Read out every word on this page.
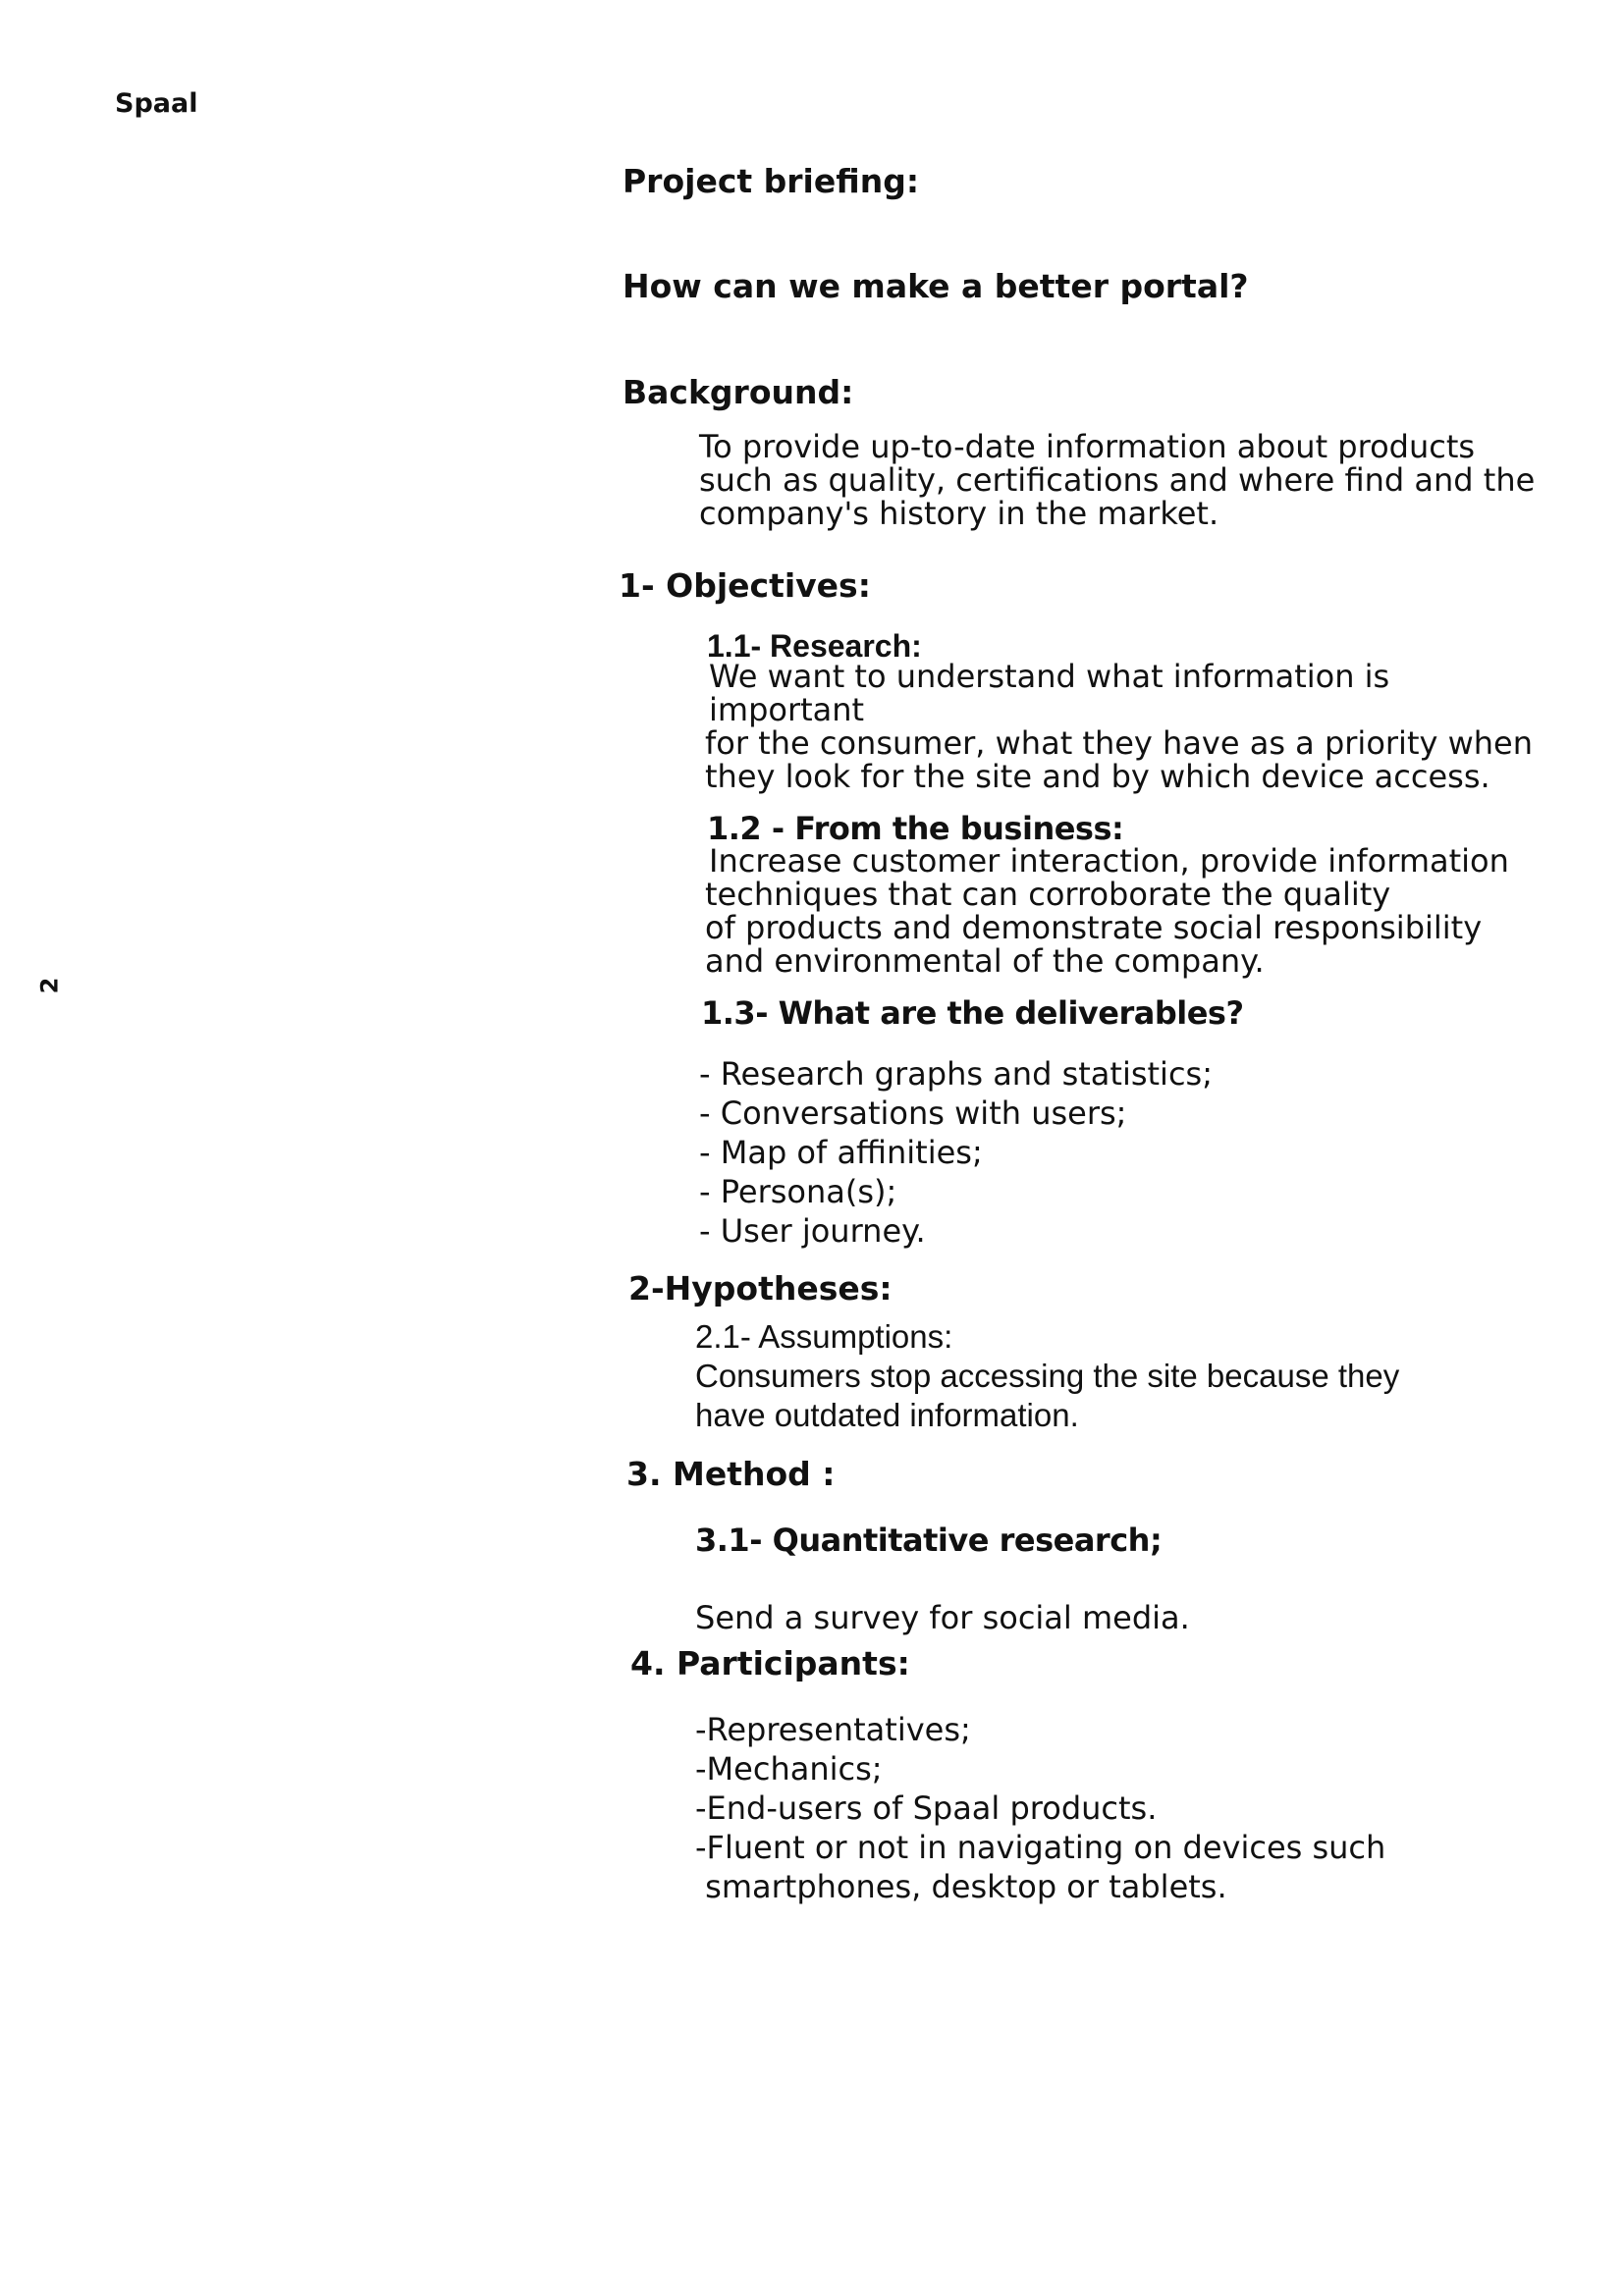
Spaal
2
Project briefing:
How can we make a better portal?
Background:
To provide up-to-date information about products
such as quality, certifications and where find and the
company's history in the market.
1- Objectives:
1.1- Research:
We want to understand what information is
important
for the consumer, what they have as a priority when
they look for the site and by which device access.
1.2 - From the business:
Increase customer interaction, provide information
techniques that can corroborate the quality
of products and demonstrate social responsibility
and environmental of the company.
1.3- What are the deliverables?
- Research graphs and statistics;
- Conversations with users;
- Map of affinities;
- Persona(s);
- User journey.
2-Hypotheses:
2.1- Assumptions:
Consumers stop accessing the site because they
have outdated information.
3. Method :
3.1- Quantitative research;
Send a survey for social media.
4. Participants:
-Representatives;
-Mechanics;
-End-users of Spaal products.
-Fluent or not in navigating on devices such
smartphones, desktop or tablets.
